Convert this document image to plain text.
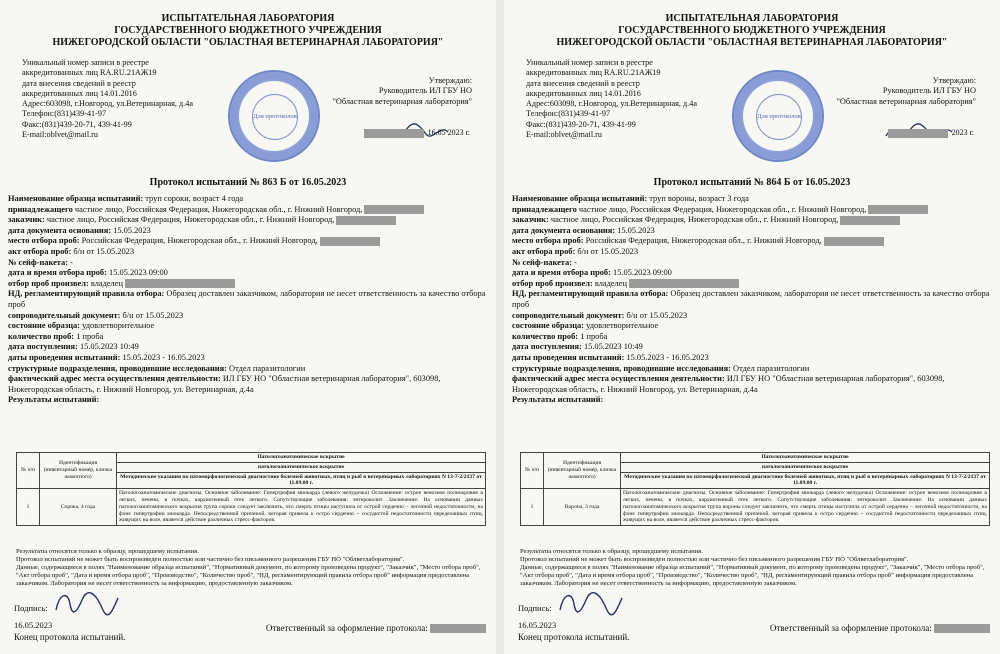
ИСПЫТАТЕЛЬНАЯ ЛАБОРАТОРИЯ
ГОСУДАРСТВЕННОГО БЮДЖЕТНОГО УЧРЕЖДЕНИЯ
НИЖЕГОРОДСКОЙ ОБЛАСТИ "ОБЛАСТНАЯ ВЕТЕРИНАРНАЯ ЛАБОРАТОРИЯ"
Уникальный номер записи в реестре
аккредитованных лиц RA.RU.21АЖ19
дата внесения сведений в реестр
аккредитованных лиц 14.01.2016
Адрес:603098, г.Новгород, ул.Ветеринарная, д.4а
Телефон:(831)439-41-97
Факс:(831)439-20-71, 439-41-99
E-mail:oblvet@mail.ru
Для протоколов
Утверждаю:
Руководитель ИЛ ГБУ НО
"Областная ветеринарная лаборатория"
16.05 2023 г.
Протокол испытаний № 863 Б от 16.05.2023
Наименование образца испытаний: труп сороки, возраст 4 года
принадлежащего частное лицо, Российская Федерация, Нижегородская обл., г. Нижний Новгород,
заказчик: частное лицо, Российская Федерация, Нижегородская обл., г. Нижний Новгород,
дата документа основания: 15.05.2023
место отбора проб: Российская Федерация, Нижегородская обл., г. Нижний Новгород,
акт отбора проб: б/н от 15.05.2023
№ сейф-пакета: -
дата и время отбора проб: 15.05.2023 09:00
отбор проб произвел: владелец
НД, регламентирующий правила отбора: Образец доставлен заказчиком, лаборатория не несет ответственность за качество отбора проб
сопроводительный документ: б/н от 15.05.2023
состояние образца: удовлетворительное
количество проб: 1 проба
дата поступления: 15.05.2023 10:49
даты проведения испытаний: 15.05.2023 - 16.05.2023
структурные подразделения, проводившие исследования: Отдел паразитологии
фактический адрес места осуществления деятельности: ИЛ ГБУ НО "Областная ветеринарная лаборатория", 603098, Нижегородская область, г. Нижний Новгород, ул. Ветеринарная, д.4а
Результаты испытаний:
№ п/п	Идентификация (инвентарный номер, кличка животного)	Патологоанатомическое вскрытие
		патологоанатомическое вскрытие
		Методические указания по патоморфологической диагностике болезней животных, птиц и рыб в ветеринарных лабораториях N 13-7-2/2137 от 11.09.00 г.
1	Сорока, 4 года	Патологоанатомические диагнозы. Основное заболевание: Гипертрофия миокарда (левого желудочка) Осложнение: острое венозное полнокровие в легких, печени, в почках, кардиогенный отек легкого. Сопутствующие заболевания: энтероколит. Заключение: На основании данных патологоанатомического вскрытия трупа сороки следует заключить, что смерть птицы наступила от острой сердечно – легочной недостаточности, на фоне гипертрофии миокарда. Непосредственной причиной, которая привела к остро сердечно – сосудистой недостаточности переделанных птиц, живущих на воле, является действие различных стресс-факторов.
Результаты относятся только к образцу, прошедшему испытания.
Протокол испытаний не может быть воспроизведен полностью или частично без письменного разрешения ГБУ НО "Облветлаборатория".
Данные, содержащиеся в полях "Наименование образца испытаний", "Нормативный документ, по которому произведена продукт", "Заказчик", "Место отбора проб", "Акт отбора проб", "Дата и время отбора проб", "Производство", "Количество проб", "НД, регламентирующий правила отбора проб" информация предоставлена заказчиком. Лаборатория не несет ответственность за информацию, предоставленную заказчиком.
Подпись:
16.05.2023
Конец протокола испытаний.
Ответственный за оформление протокола:
ИСПЫТАТЕЛЬНАЯ ЛАБОРАТОРИЯ
ГОСУДАРСТВЕННОГО БЮДЖЕТНОГО УЧРЕЖДЕНИЯ
НИЖЕГОРОДСКОЙ ОБЛАСТИ "ОБЛАСТНАЯ ВЕТЕРИНАРНАЯ ЛАБОРАТОРИЯ"
Уникальный номер записи в реестре
аккредитованных лиц RA.RU.21АЖ19
дата внесения сведений в реестр
аккредитованных лиц 14.01.2016
Адрес:603098, г.Новгород, ул.Ветеринарная, д.4а
Телефон:(831)439-41-97
Факс:(831)439-20-71, 439-41-99
E-mail:oblvet@mail.ru
Для протоколов
Утверждаю:
Руководитель ИЛ ГБУ НО
"Областная ветеринарная лаборатория"
2023 г.
Протокол испытаний № 864 Б от 16.05.2023
Наименование образца испытаний: труп вороны, возраст 3 года
принадлежащего частное лицо, Российская Федерация, Нижегородская обл., г. Нижний Новгород,
заказчик: частное лицо, Российская Федерация, Нижегородская обл., г. Нижний Новгород,
дата документа основания: 15.05.2023
место отбора проб: Российская Федерация, Нижегородская обл., г. Нижний Новгород,
акт отбора проб: б/н от 15.05.2023
№ сейф-пакета: -
дата и время отбора проб: 15.05.2023 09:00
отбор проб произвел: владелец
НД, регламентирующий правила отбора: Образец доставлен заказчиком, лаборатория не несет ответственность за качество отбора проб
сопроводительный документ: б/н от 15.05.2023
состояние образца: удовлетворительное
количество проб: 1 проба
дата поступления: 15.05.2023 10:49
даты проведения испытаний: 15.05.2023 - 16.05.2023
структурные подразделения, проводившие исследования: Отдел паразитологии
фактический адрес места осуществления деятельности: ИЛ ГБУ НО "Областная ветеринарная лаборатория", 603098, Нижегородская область, г. Нижний Новгород, ул. Ветеринарная, д.4а
Результаты испытаний:
№ п/п	Идентификация (инвентарный номер, кличка животного)	Патологоанатомическое вскрытие
		патологоанатомическое вскрытие
		Методические указания по патоморфологической диагностике болезней животных, птиц и рыб в ветеринарных лабораториях N 13-7-2/2137 от 11.09.00 г.
1	Ворона, 3 года	Патологоанатомические диагнозы. Основное заболевание: Гипертрофия миокарда (левого желудочка) Осложнение: острое венозное полнокровие в легких, печени, в почках, кардиогенный отек легкого. Сопутствующие заболевания: энтероколит. Заключение: На основании данных патологоанатомического вскрытия трупа вороны следует заключить, что смерть птицы наступила от острой сердечно – легочной недостаточности, на фоне гипертрофии миокарда. Непосредственной причиной, которая привела к остро сердечно – сосудистой недостаточности переделанных птиц, живущих на воле, является действие различных стресс-факторов.
Результаты относятся только к образцу, прошедшему испытания.
Протокол испытаний не может быть воспроизведен полностью или частично без письменного разрешения ГБУ НО "Облветлаборатория".
Данные, содержащиеся в полях "Наименование образца испытаний", "Нормативный документ, по которому произведена продукт", "Заказчик", "Место отбора проб", "Акт отбора проб", "Дата и время отбора проб", "Производство", "Количество проб", "НД, регламентирующий правила отбора проб" информация предоставлена заказчиком. Лаборатория не несет ответственность за информацию, предоставленную заказчиком.
Подпись:
16.05.2023
Конец протокола испытаний.
Ответственный за оформление протокола:
